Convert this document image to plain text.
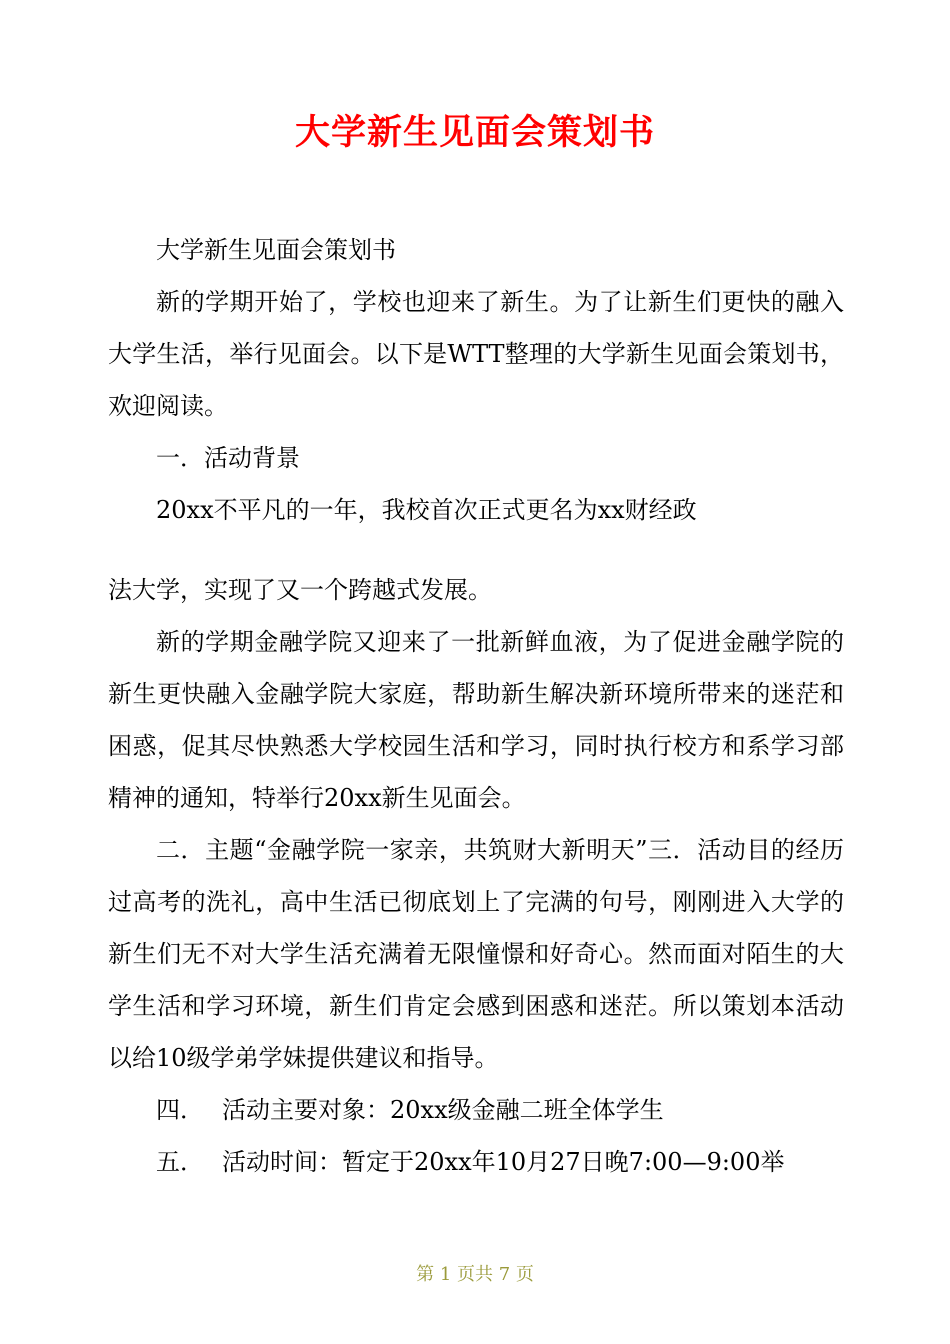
大学新生见面会策划书

大学新生见面会策划书

新的学期开始了，学校也迎来了新生。为了让新生们更快的融入大学生活，举行见面会。以下是WTT整理的大学新生见面会策划书，欢迎阅读。

一．活动背景

20xx不平凡的一年，我校首次正式更名为xx财经政

法大学，实现了又一个跨越式发展。

新的学期金融学院又迎来了一批新鲜血液，为了促进金融学院的新生更快融入金融学院大家庭，帮助新生解决新环境所带来的迷茫和困惑，促其尽快熟悉大学校园生活和学习，同时执行校方和系学习部精神的通知，特举行20xx新生见面会。

二．主题“金融学院一家亲，共筑财大新明天”三．活动目的经历过高考的洗礼，高中生活已彻底划上了完满的句号，刚刚进入大学的新生们无不对大学生活充满着无限憧憬和好奇心。然而面对陌生的大学生活和学习环境，新生们肯定会感到困惑和迷茫。所以策划本活动以给10级学弟学妹提供建议和指导。

四． 活动主要对象：20xx级金融二班全体学生

五． 活动时间：暂定于20xx年10月27日晚7:00—9:00举

第 1 页共 7 页
